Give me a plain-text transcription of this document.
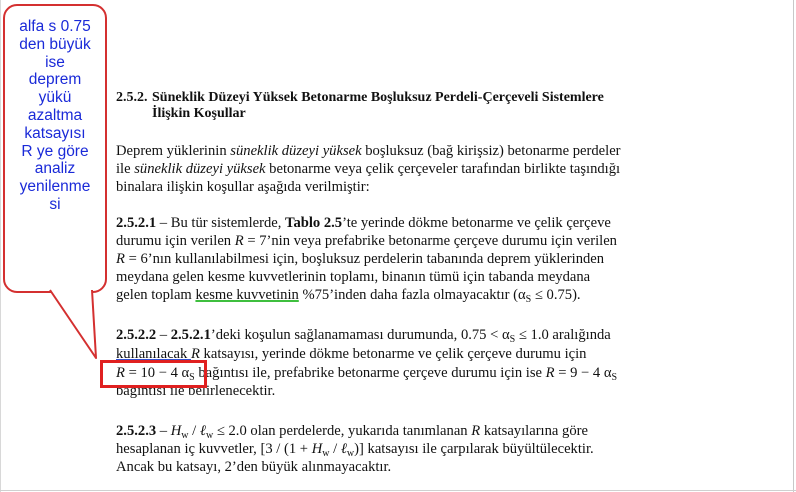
2.5.2. Süneklik Düzeyi Yüksek Betonarme Boşluksuz Perdeli-Çerçeveli Sistemlere
İlişkin Koşullar
Deprem yüklerinin süneklik düzeyi yüksek boşluksuz (bağ kirişsiz) betonarme perdeler
ile süneklik düzeyi yüksek betonarme veya çelik çerçeveler tarafından birlikte taşındığı
binalara ilişkin koşullar aşağıda verilmiştir:
2.5.2.1 – Bu tür sistemlerde, Tablo 2.5’te yerinde dökme betonarme ve çelik çerçeve
durumu için verilen R = 7’nin veya prefabrike betonarme çerçeve durumu için verilen
R = 6’nın kullanılabilmesi için, boşluksuz perdelerin tabanında deprem yüklerinden
meydana gelen kesme kuvvetlerinin toplamı, binanın tümü için tabanda meydana
gelen toplam kesme kuvvetinin %75’inden daha fazla olmayacaktır $(\alpha_S \le 0.75)$.
2.5.2.2 – 2.5.2.1’deki koşulun sağlanamaması durumunda, $0.75 < \alpha_S \le 1.0$ aralığında
kullanılacak R katsayısı, yerinde dökme betonarme ve çelik çerçeve durumu için
R = 10 − 4 $\alpha_S$ bağıntısı ile, prefabrike betonarme çerçeve durumu için ise R = 9 − 4 $\alpha_S$
bağıntısı ile belirlenecektir.
$2.5.2.3 - H_w$ / ℓ$_w$ ≤ 2.0 olan perdelerde, yukarıda tanımlanan R katsayılarına göre
hesaplanan iç kuvvetler, [$3 / (1 + H_w$ / ℓ$_w$)] katsayısı ile çarpılarak büyültülecektir.
Ancak bu katsayı, 2’den büyük alınmayacaktır.
alfa s 0.75
den büyük
ise
deprem
yükü
azaltma
katsayısı
R ye göre
analiz
yenilenme
si
